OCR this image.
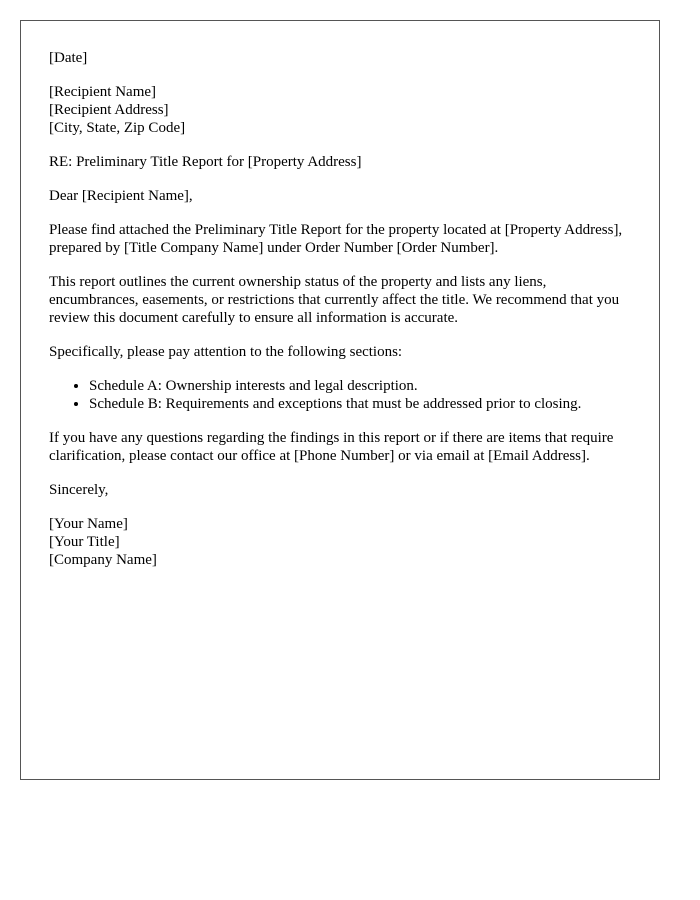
[Date]

[Recipient Name]
[Recipient Address]
[City, State, Zip Code]

RE: Preliminary Title Report for [Property Address]

Dear [Recipient Name],

Please find attached the Preliminary Title Report for the property located at [Property Address], prepared by [Title Company Name] under Order Number [Order Number].

This report outlines the current ownership status of the property and lists any liens, encumbrances, easements, or restrictions that currently affect the title. We recommend that you review this document carefully to ensure all information is accurate.

Specifically, please pay attention to the following sections:

• Schedule A: Ownership interests and legal description.
• Schedule B: Requirements and exceptions that must be addressed prior to closing.

If you have any questions regarding the findings in this report or if there are items that require clarification, please contact our office at [Phone Number] or via email at [Email Address].

Sincerely,

[Your Name]
[Your Title]
[Company Name]
